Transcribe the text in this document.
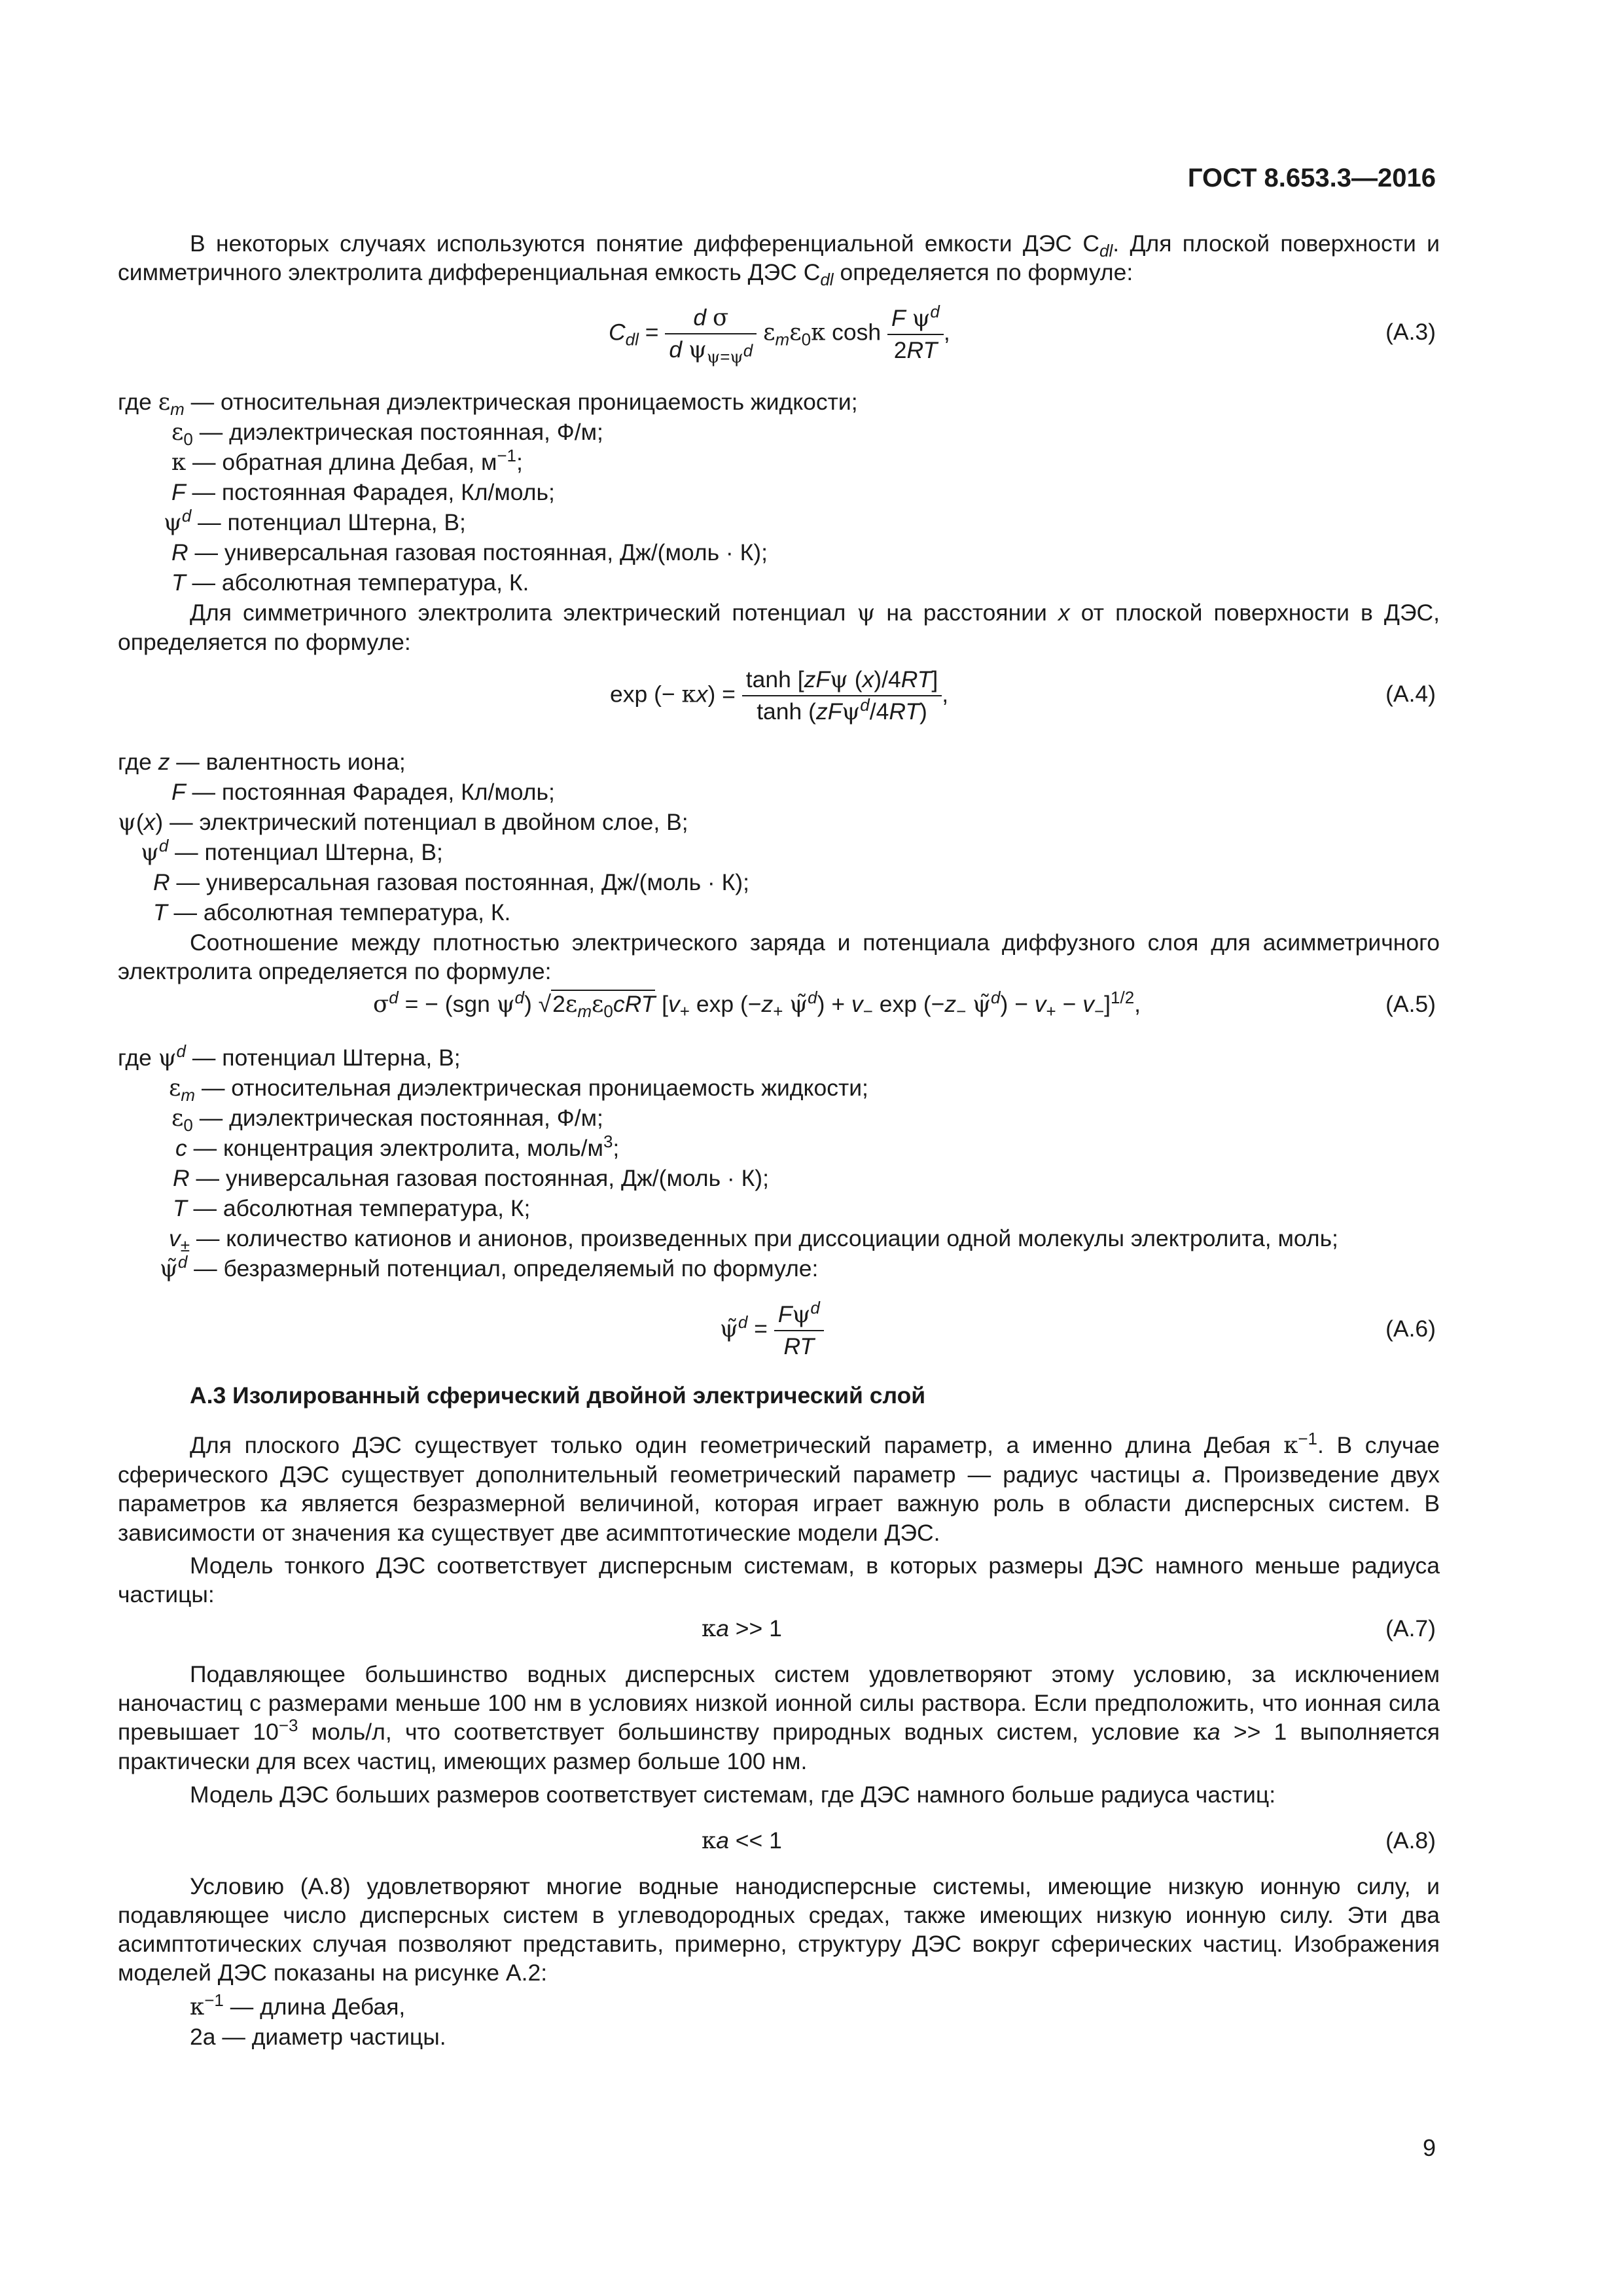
ГОСТ 8.653.3—2016
В некоторых случаях используются понятие дифференциальной емкости ДЭС $C_{dl}$. Для плоской поверхности и симметричного электролита дифференциальная емкость ДЭС $C_{dl}$ определяется по формуле:
$C_{dl} = \frac{\text{d σ}}{d \psi_{\psi=\psi^d}} \varepsilon_m\varepsilon_0\kappa$ $\cosh \frac{F \psi^d}{2RT}$ ,	(А.3)
где $\varepsilon_m$ — относительная диэлектрическая проницаемость жидкости;
$\varepsilon_0$ — диэлектрическая постоянная, Ф/м;
κ — обратная длина Дебая, $м^{-1}$;
F — постоянная Фарадея, Кл/моль;
$\psi^d$ — потенциал Штерна, В;
R — универсальная газовая постоянная, Дж/(моль · К);
T — абсолютная температура, К.
Для симметричного электролита электрический потенциал ψ на расстоянии x от плоской поверхности в ДЭС, определяется по формуле:
exp (− $\kappa x) = \frac{\text{tanh [zFψ (x)/4RT]}}{\tanh (zF\psi^d/4RT)}$ ,	(А.4)
где z — валентность иона;
F — постоянная Фарадея, Кл/моль;
ψ(x) — электрический потенциал в двойном слое, В;
$\psi^d$ — потенциал Штерна, В;
R — универсальная газовая постоянная, Дж/(моль · К);
T — абсолютная температура, К.
Соотношение между плотностью электрического заряда и потенциала диффузного слоя для асимметричного электролита определяется по формуле:
$\sigma^d$ = − (sgn $\psi^d$) $√2\varepsilon_m\varepsilon_0cRT$ [$v_+$ $\exp (-z_+$ ψ̃$^d$) + $v_-$ $\exp (-z_-$ ψ̃$^d$) − $v_+ - v_-]^{1/2}$,	(А.5)
где $\psi^d$ — потенциал Штерна, В;
$\varepsilon_m$ — относительная диэлектрическая проницаемость жидкости;
$\varepsilon_0$ — диэлектрическая постоянная, Ф/м;
c — концентрация электролита, моль/$м^3$;
R — универсальная газовая постоянная, Дж/(моль · К);
T — абсолютная температура, К;
$v_\pm$ — количество катионов и анионов, произведенных при диссоциации одной молекулы электролита, моль;
ψ̃$^d$ — безразмерный потенциал, определяемый по формуле:
ψ̃$^d$ = $\frac{F\psi^d}{RT}$	(А.6)
А.3 Изолированный сферический двойной электрический слой
Для плоского ДЭС существует только один геометрический параметр, а именно длина Дебая $\kappa^{-1}$. В случае сферического ДЭС существует дополнительный геометрический параметр — радиус частицы a. Произведение двух параметров κa является безразмерной величиной, которая играет важную роль в области дисперсных систем. В зависимости от значения κa существует две асимптотические модели ДЭС.
Модель тонкого ДЭС соответствует дисперсным системам, в которых размеры ДЭС намного меньше радиуса частицы:
κa >> 1	(А.7)
Подавляющее большинство водных дисперсных систем удовлетворяют этому условию, за исключением наночастиц с размерами меньше 100 нм в условиях низкой ионной силы раствора. Если предположить, что ионная сила превышает $10^{-3}$ моль/л, что соответствует большинству природных водных систем, условие κa >> 1 выполняется практически для всех частиц, имеющих размер больше 100 нм.
Модель ДЭС больших размеров соответствует системам, где ДЭС намного больше радиуса частиц:
κa << 1	(А.8)
Условию (А.8) удовлетворяют многие водные нанодисперсные системы, имеющие низкую ионную силу, и подавляющее число дисперсных систем в углеводородных средах, также имеющих низкую ионную силу. Эти два асимптотических случая позволяют представить, примерно, структуру ДЭС вокруг сферических частиц. Изображения моделей ДЭС показаны на рисунке А.2:
$\kappa^{-1}$ — длина Дебая,
2a — диаметр частицы.
9
